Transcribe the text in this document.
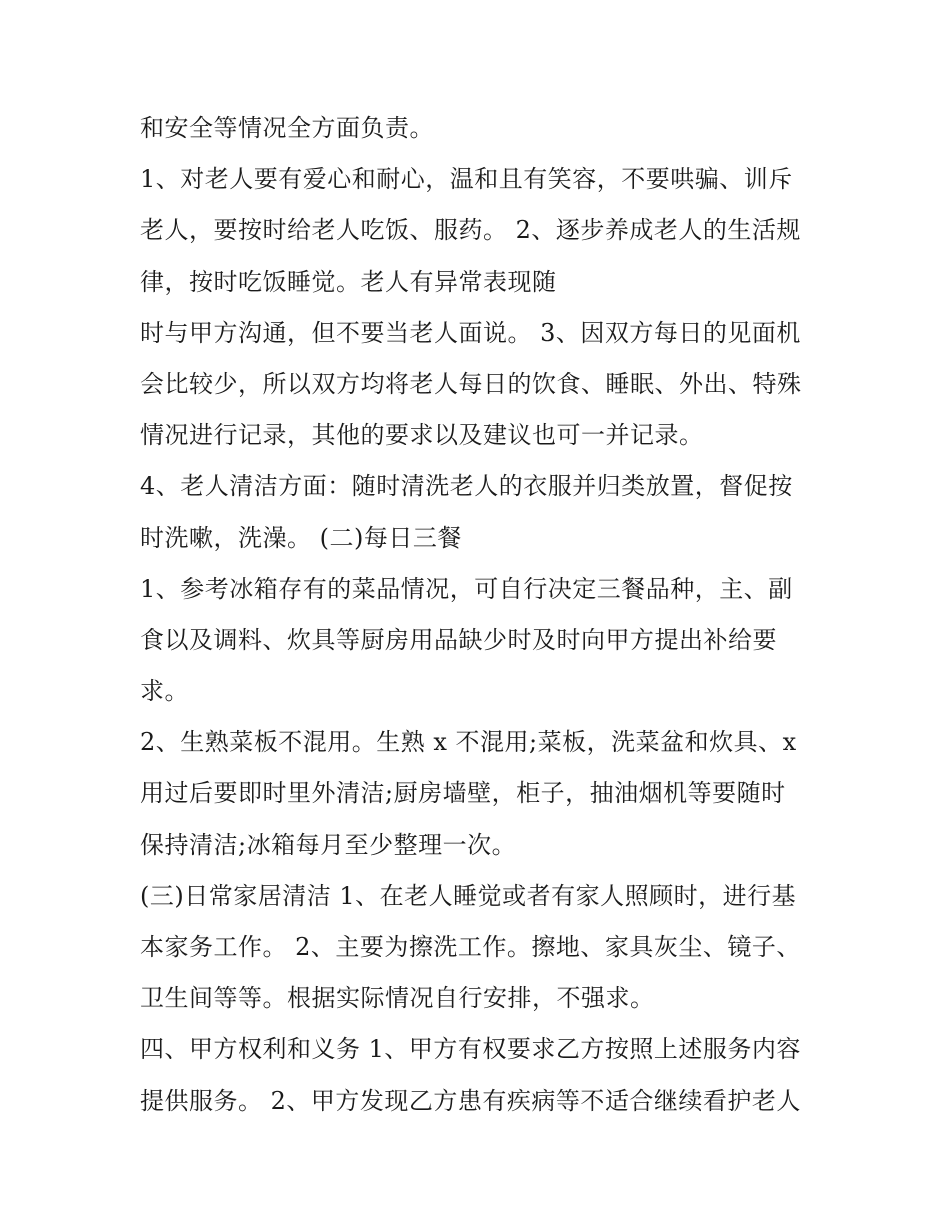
和安全等情况全方面负责。
1、对老人要有爱心和耐心，温和且有笑容，不要哄骗、训斥
老人，要按时给老人吃饭、服药。 2、逐步养成老人的生活规
律，按时吃饭睡觉。老人有异常表现随
时与甲方沟通，但不要当老人面说。 3、因双方每日的见面机
会比较少，所以双方均将老人每日的饮食、睡眠、外出、特殊
情况进行记录，其他的要求以及建议也可一并记录。
4、老人清洁方面：随时清洗老人的衣服并归类放置，督促按
时洗嗽，洗澡。 (二)每日三餐
1、参考冰箱存有的菜品情况，可自行决定三餐品种，主、副
食以及调料、炊具等厨房用品缺少时及时向甲方提出补给要
求。
2、生熟菜板不混用。生熟 x 不混用;菜板，洗菜盆和炊具、x
用过后要即时里外清洁;厨房墙壁，柜子，抽油烟机等要随时
保持清洁;冰箱每月至少整理一次。
(三)日常家居清洁 1、在老人睡觉或者有家人照顾时，进行基
本家务工作。 2、主要为擦洗工作。擦地、家具灰尘、镜子、
卫生间等等。根据实际情况自行安排，不强求。
四、甲方权利和义务 1、甲方有权要求乙方按照上述服务内容
提供服务。 2、甲方发现乙方患有疾病等不适合继续看护老人
